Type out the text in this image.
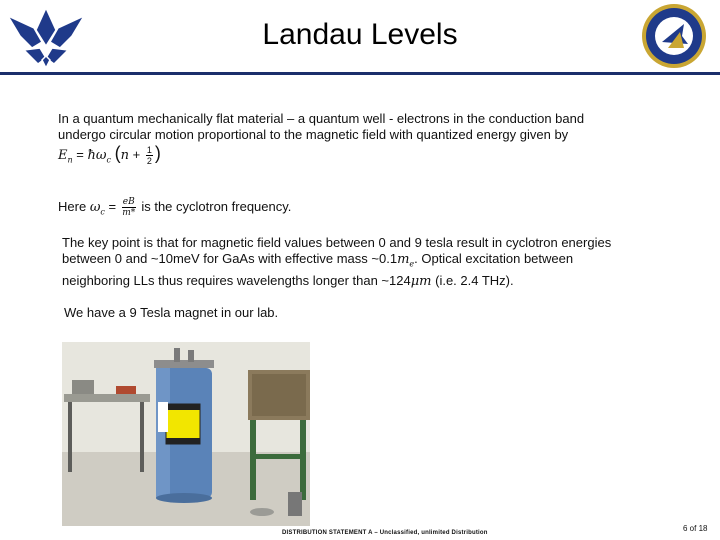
Landau Levels
In a quantum mechanically flat material – a quantum well - electrons in the conduction band
undergo circular motion proportional to the magnetic field with quantized energy given by
$E_n$ = $ħ\omega_c$ ($n + \frac{1}{2}$ )
Here $\omega_c = \frac{eB}{m*}$ is the cyclotron frequency.
The key point is that for magnetic field values between 0 and 9 tesla result in cyclotron energies
between 0 and ~10meV for GaAs with effective mass $\sim 0.1m_e$. Optical excitation between
neighboring LLs thus requires wavelengths longer than ~124μm (i.e. 2.4 THz).
We have a 9 Tesla magnet in our lab.
DISTRIBUTION STATEMENT A – Unclassified, unlimited Distribution	6 of 18
